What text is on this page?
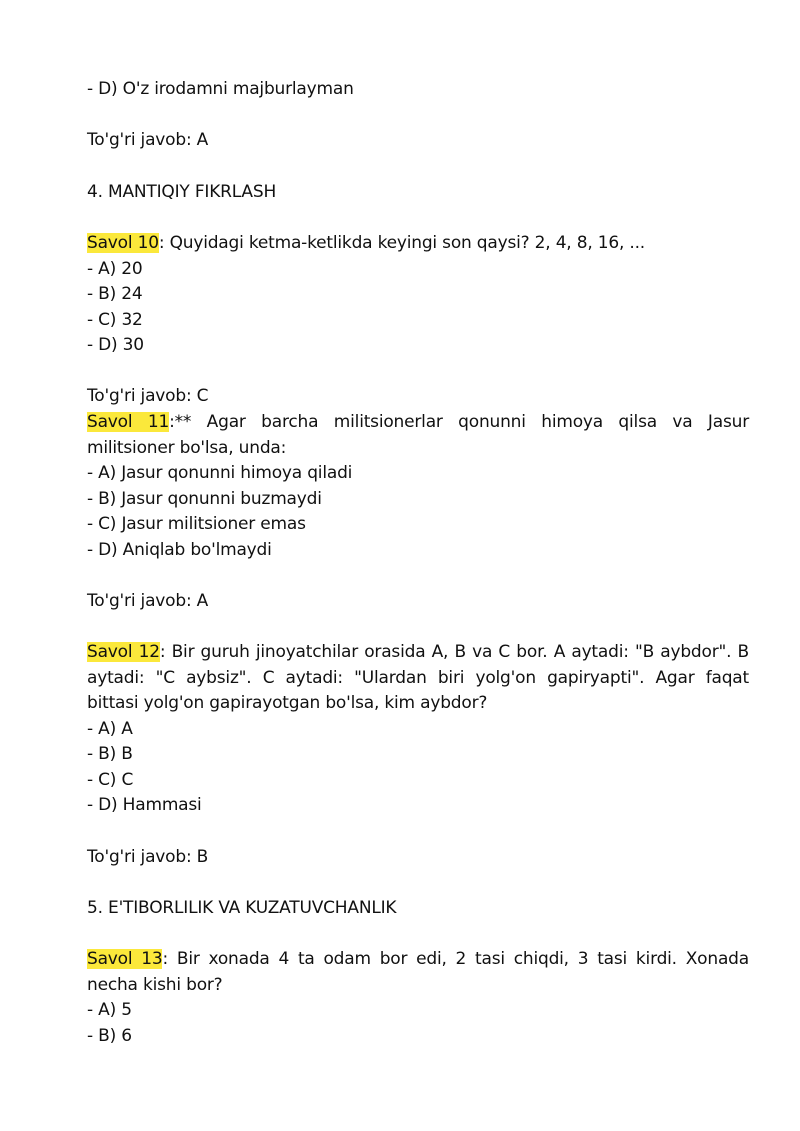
- D) O'z irodamni majburlayman
To'g'ri javob: A
4. MANTIQIY FIKRLASH
Savol 10: Quyidagi ketma-ketlikda keyingi son qaysi? 2, 4, 8, 16, ...
- A) 20
- B) 24
- C) 32
- D) 30
To'g'ri javob: C
Savol 11:** Agar barcha militsionerlar qonunni himoya qilsa va Jasur
militsioner bo'lsa, unda:
- A) Jasur qonunni himoya qiladi
- B) Jasur qonunni buzmaydi
- C) Jasur militsioner emas
- D) Aniqlab bo'lmaydi
To'g'ri javob: A
Savol 12: Bir guruh jinoyatchilar orasida A, B va C bor. A aytadi: "B aybdor". B
aytadi: "C aybsiz". C aytadi: "Ulardan biri yolg'on gapiryapti". Agar faqat
bittasi yolg'on gapirayotgan bo'lsa, kim aybdor?
- A) A
- B) B
- C) C
- D) Hammasi
To'g'ri javob: B
5. E'TIBORLILIK VA KUZATUVCHANLIK
Savol 13: Bir xonada 4 ta odam bor edi, 2 tasi chiqdi, 3 tasi kirdi. Xonada
necha kishi bor?
- A) 5
- B) 6
